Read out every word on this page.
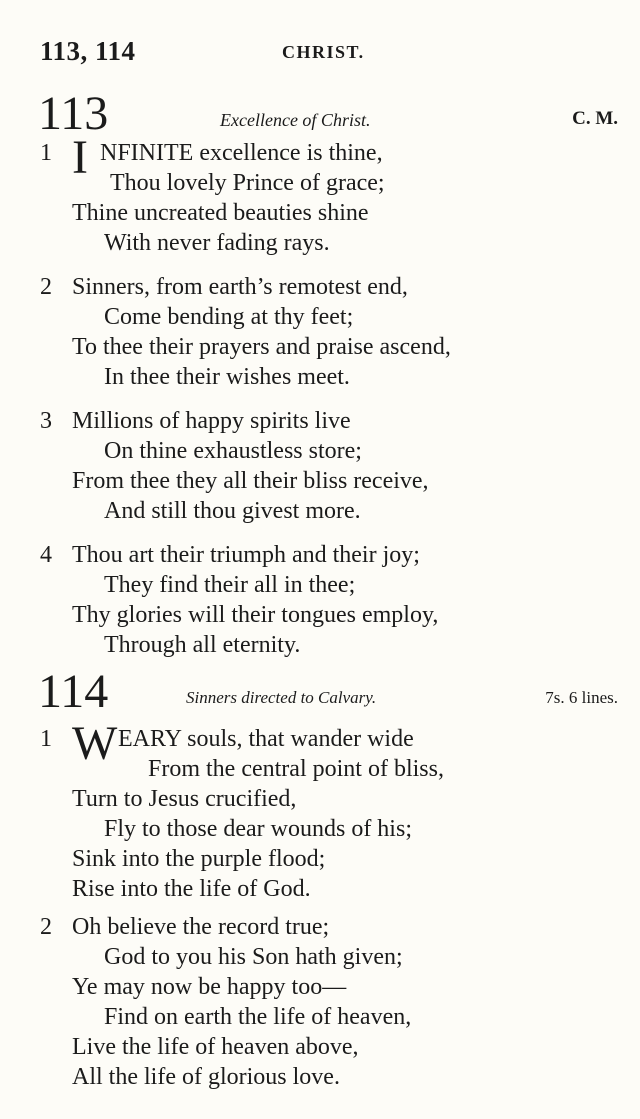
113, 114	CHRIST.
113	Excellence of Christ.	C. M.
1 I NFINITE excellence is thine,
Thou lovely Prince of grace;
Thine uncreated beauties shine
With never fading rays.
2 Sinners, from earth’s remotest end,
Come bending at thy feet;
To thee their prayers and praise ascend,
In thee their wishes meet.
3 Millions of happy spirits live
On thine exhaustless store;
From thee they all their bliss receive,
And still thou givest more.
4 Thou art their triumph and their joy;
They find their all in thee;
Thy glories will their tongues employ,
Through all eternity.
114	Sinners directed to Calvary.	7s. 6 lines.
1 W EARY souls, that wander wide
From the central point of bliss,
Turn to Jesus crucified,
Fly to those dear wounds of his;
Sink into the purple flood;
Rise into the life of God.
2 Oh believe the record true;
God to you his Son hath given;
Ye may now be happy too—
Find on earth the life of heaven,
Live the life of heaven above,
All the life of glorious love.
